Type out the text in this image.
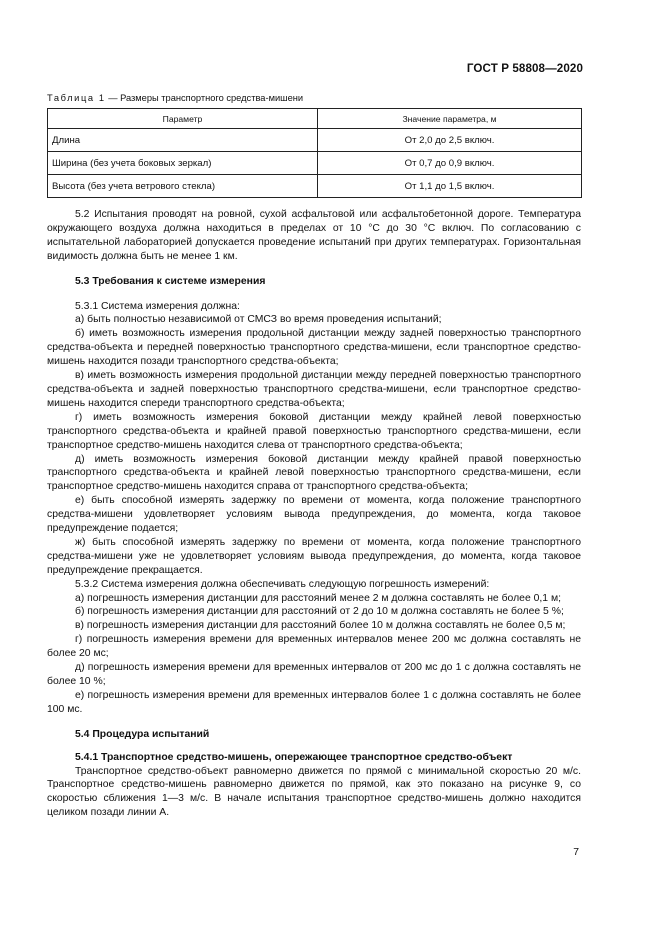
ГОСТ Р 58808—2020
Таблица 1 — Размеры транспортного средства-мишени
Параметр	Значение параметра, м
Длина	От 2,0 до 2,5 включ.
Ширина (без учета боковых зеркал)	От 0,7 до 0,9 включ.
Высота (без учета ветрового стекла)	От 1,1 до 1,5 включ.

5.2 Испытания проводят на ровной, сухой асфальтовой или асфальтобетонной дороге. Температура окружающего воздуха должна находиться в пределах от 10 °С до 30 °С включ. По согласованию с испытательной лабораторией допускается проведение испытаний при других температурах. Горизонтальная видимость должна быть не менее 1 км.

5.3 Требования к системе измерения

5.3.1 Система измерения должна:

а) быть полностью независимой от СМСЗ во время проведения испытаний;

б) иметь возможность измерения продольной дистанции между задней поверхностью транспортного средства-объекта и передней поверхностью транспортного средства-мишени, если транспортное средство-мишень находится позади транспортного средства-объекта;

в) иметь возможность измерения продольной дистанции между передней поверхностью транспортного средства-объекта и задней поверхностью транспортного средства-мишени, если транспортное средство-мишень находится спереди транспортного средства-объекта;

г) иметь возможность измерения боковой дистанции между крайней левой поверхностью транспортного средства-объекта и крайней правой поверхностью транспортного средства-мишени, если транспортное средство-мишень находится слева от транспортного средства-объекта;

д) иметь возможность измерения боковой дистанции между крайней правой поверхностью транспортного средства-объекта и крайней левой поверхностью транспортного средства-мишени, если транспортное средство-мишень находится справа от транспортного средства-объекта;

е) быть способной измерять задержку по времени от момента, когда положение транспортного средства-мишени удовлетворяет условиям вывода предупреждения, до момента, когда таковое предупреждение подается;

ж) быть способной измерять задержку по времени от момента, когда положение транспортного средства-мишени уже не удовлетворяет условиям вывода предупреждения, до момента, когда таковое предупреждение прекращается.

5.3.2 Система измерения должна обеспечивать следующую погрешность измерений:

а) погрешность измерения дистанции для расстояний менее 2 м должна составлять не более 0,1 м;

б) погрешность измерения дистанции для расстояний от 2 до 10 м должна составлять не более 5 %;

в) погрешность измерения дистанции для расстояний более 10 м должна составлять не более 0,5 м;

г) погрешность измерения времени для временных интервалов менее 200 мс должна составлять не более 20 мс;

д) погрешность измерения времени для временных интервалов от 200 мс до 1 с должна составлять не более 10 %;

е) погрешность измерения времени для временных интервалов более 1 с должна составлять не более 100 мс.

5.4 Процедура испытаний

5.4.1 Транспортное средство-мишень, опережающее транспортное средство-объект

Транспортное средство-объект равномерно движется по прямой с минимальной скоростью 20 м/с. Транспортное средство-мишень равномерно движется по прямой, как это показано на рисунке 9, со скоростью сближения 1—3 м/с. В начале испытания транспортное средство-мишень должно находится целиком позади линии А.

7
